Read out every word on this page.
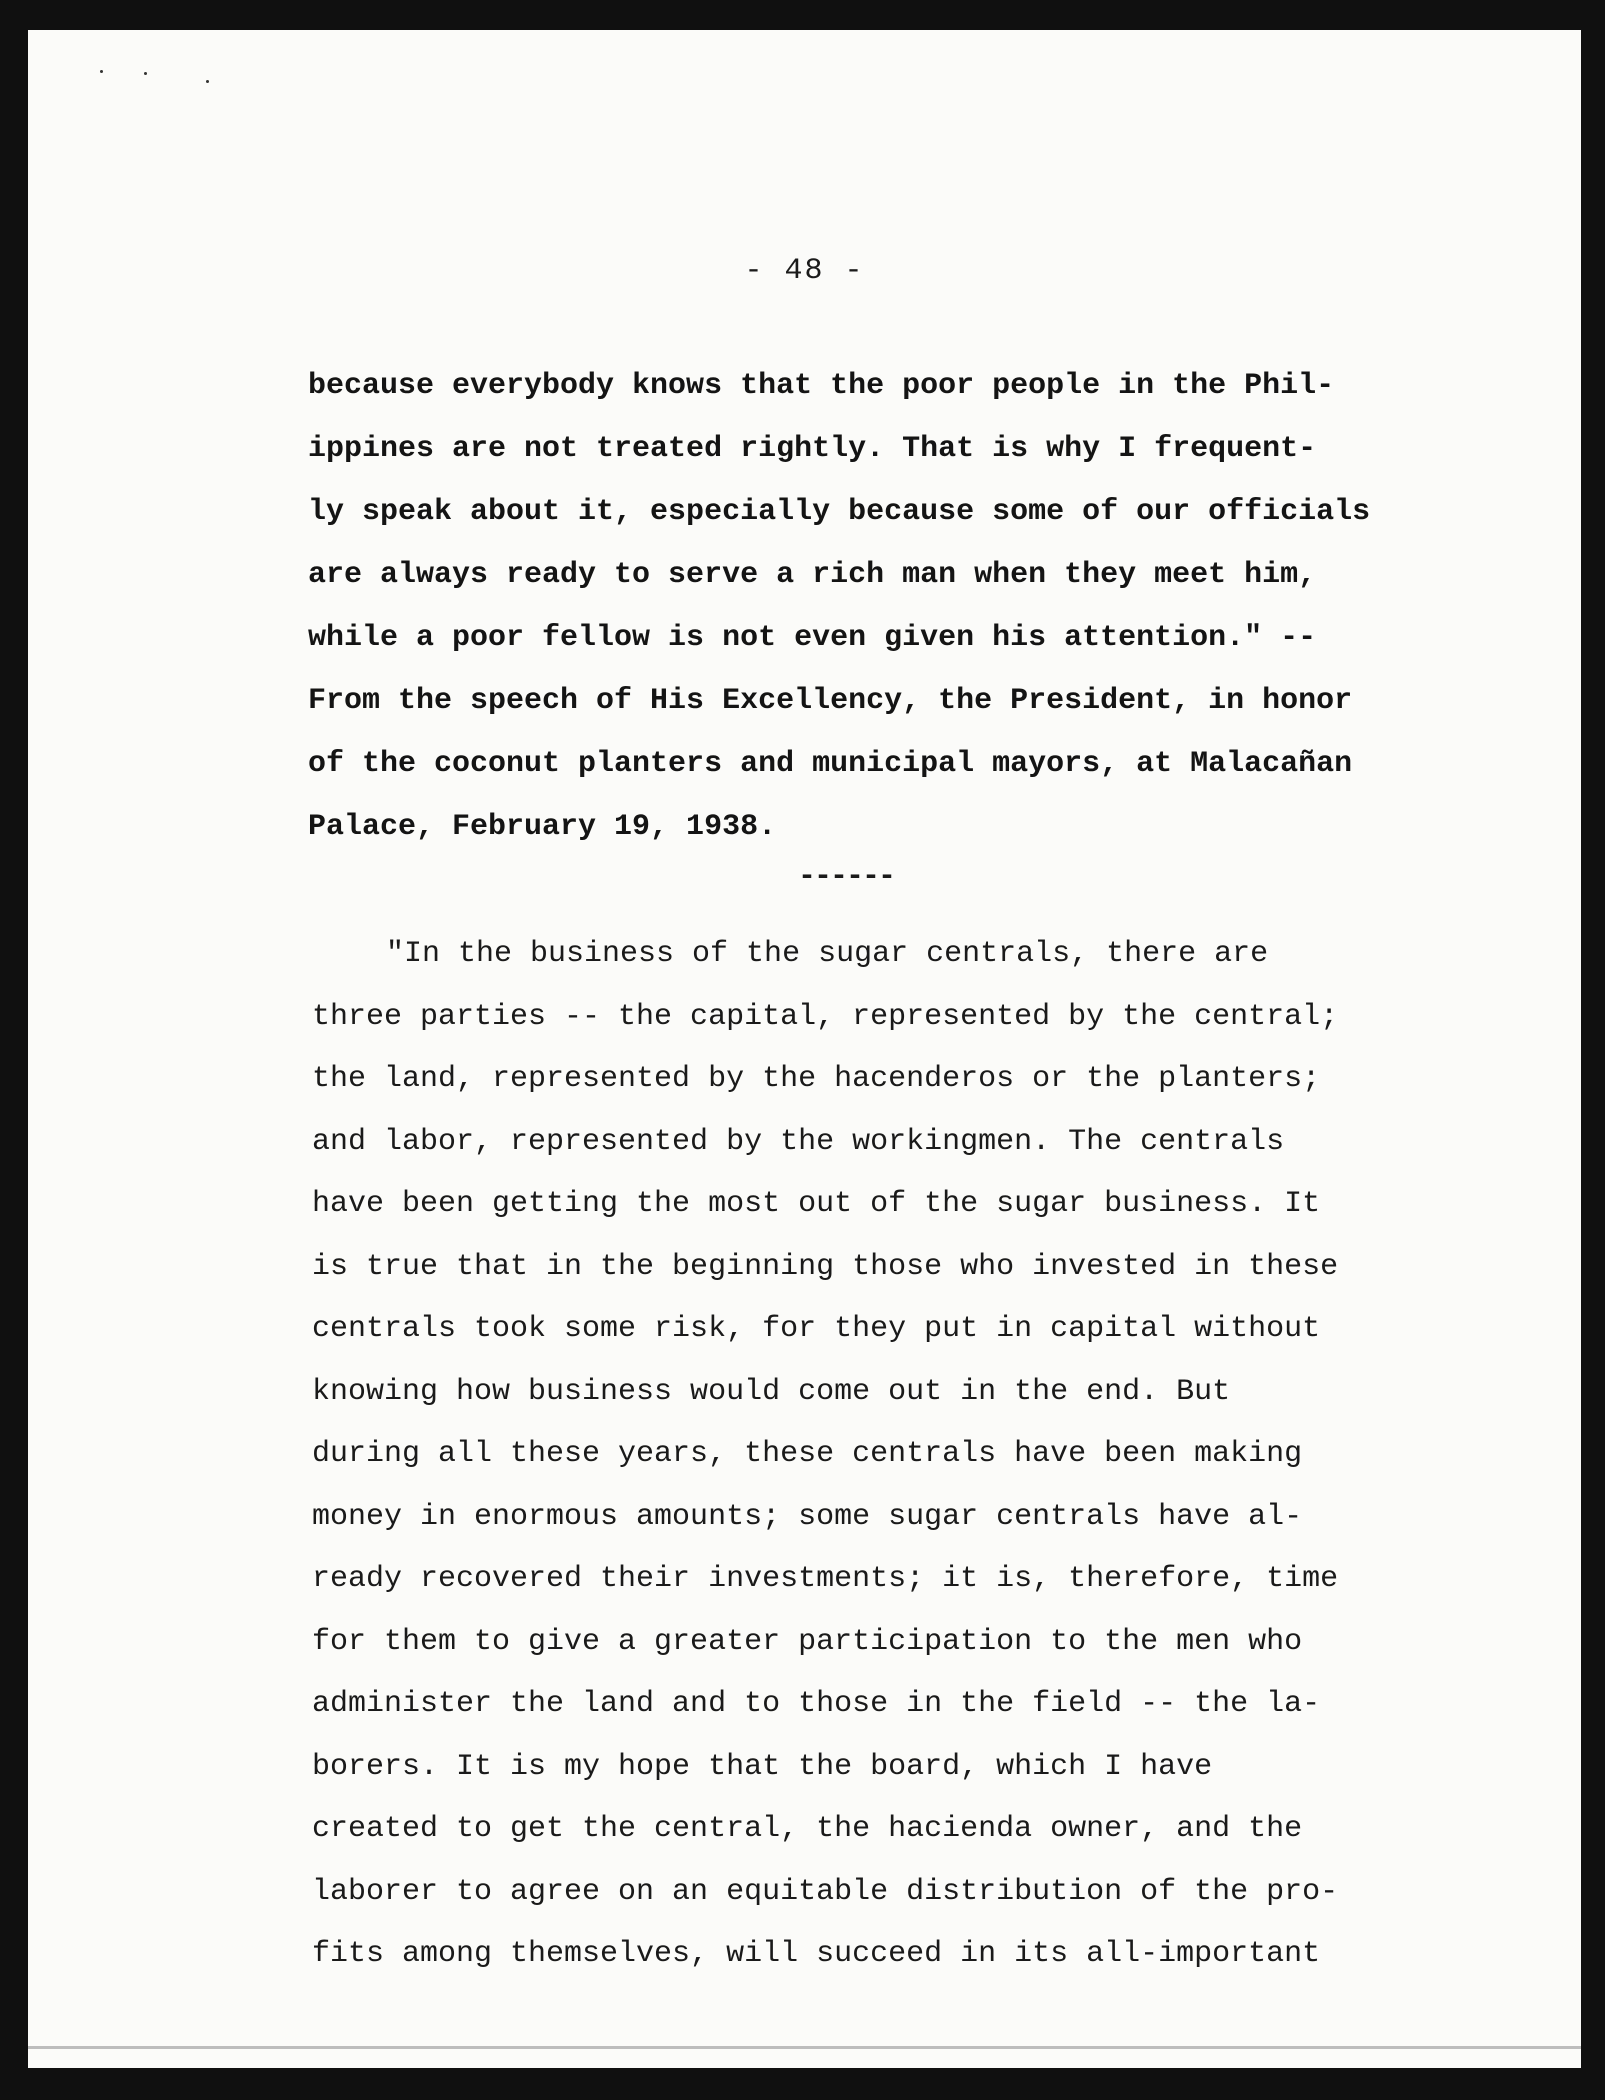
- 48 -
because everybody knows that the poor people in the Phil-
ippines are not treated rightly. That is why I frequent-
ly speak about it, especially because some of our officials
are always ready to serve a rich man when they meet him,
while a poor fellow is not even given his attention." --
From the speech of His Excellency, the President, in honor
of the coconut planters and municipal mayors, at Malacañan
Palace, February 19, 1938.
------
"In the business of the sugar centrals, there are
three parties -- the capital, represented by the central;
the land, represented by the hacenderos or the planters;
and labor, represented by the workingmen. The centrals
have been getting the most out of the sugar business. It
is true that in the beginning those who invested in these
centrals took some risk, for they put in capital without
knowing how business would come out in the end. But
during all these years, these centrals have been making
money in enormous amounts; some sugar centrals have al-
ready recovered their investments; it is, therefore, time
for them to give a greater participation to the men who
administer the land and to those in the field -- the la-
borers. It is my hope that the board, which I have
created to get the central, the hacienda owner, and the
laborer to agree on an equitable distribution of the pro-
fits among themselves, will succeed in its all-important
